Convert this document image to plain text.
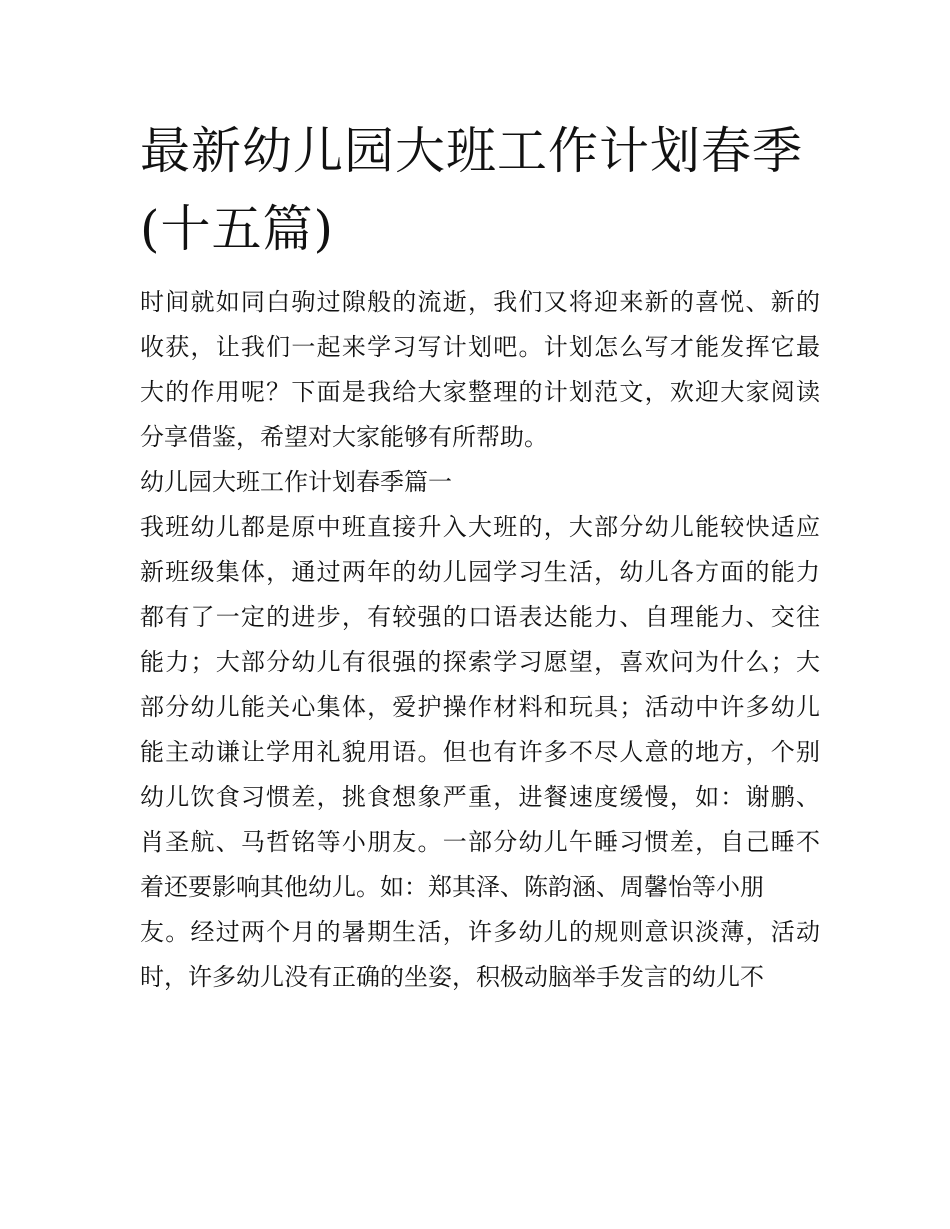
最新幼儿园大班工作计划春季
(十五篇)
时间就如同白驹过隙般的流逝，我们又将迎来新的喜悦、新的
收获，让我们一起来学习写计划吧。计划怎么写才能发挥它最
大的作用呢？下面是我给大家整理的计划范文，欢迎大家阅读
分享借鉴，希望对大家能够有所帮助。
幼儿园大班工作计划春季篇一
我班幼儿都是原中班直接升入大班的，大部分幼儿能较快适应
新班级集体，通过两年的幼儿园学习生活，幼儿各方面的能力
都有了一定的进步，有较强的口语表达能力、自理能力、交往
能力；大部分幼儿有很强的探索学习愿望，喜欢问为什么；大
部分幼儿能关心集体，爱护操作材料和玩具；活动中许多幼儿
能主动谦让学用礼貌用语。但也有许多不尽人意的地方，个别
幼儿饮食习惯差，挑食想象严重，进餐速度缓慢，如：谢鹏、
肖圣航、马哲铭等小朋友。一部分幼儿午睡习惯差，自己睡不
着还要影响其他幼儿。如：郑其泽、陈韵涵、周馨怡等小朋
友。经过两个月的暑期生活，许多幼儿的规则意识淡薄，活动
时，许多幼儿没有正确的坐姿，积极动脑举手发言的幼儿不
